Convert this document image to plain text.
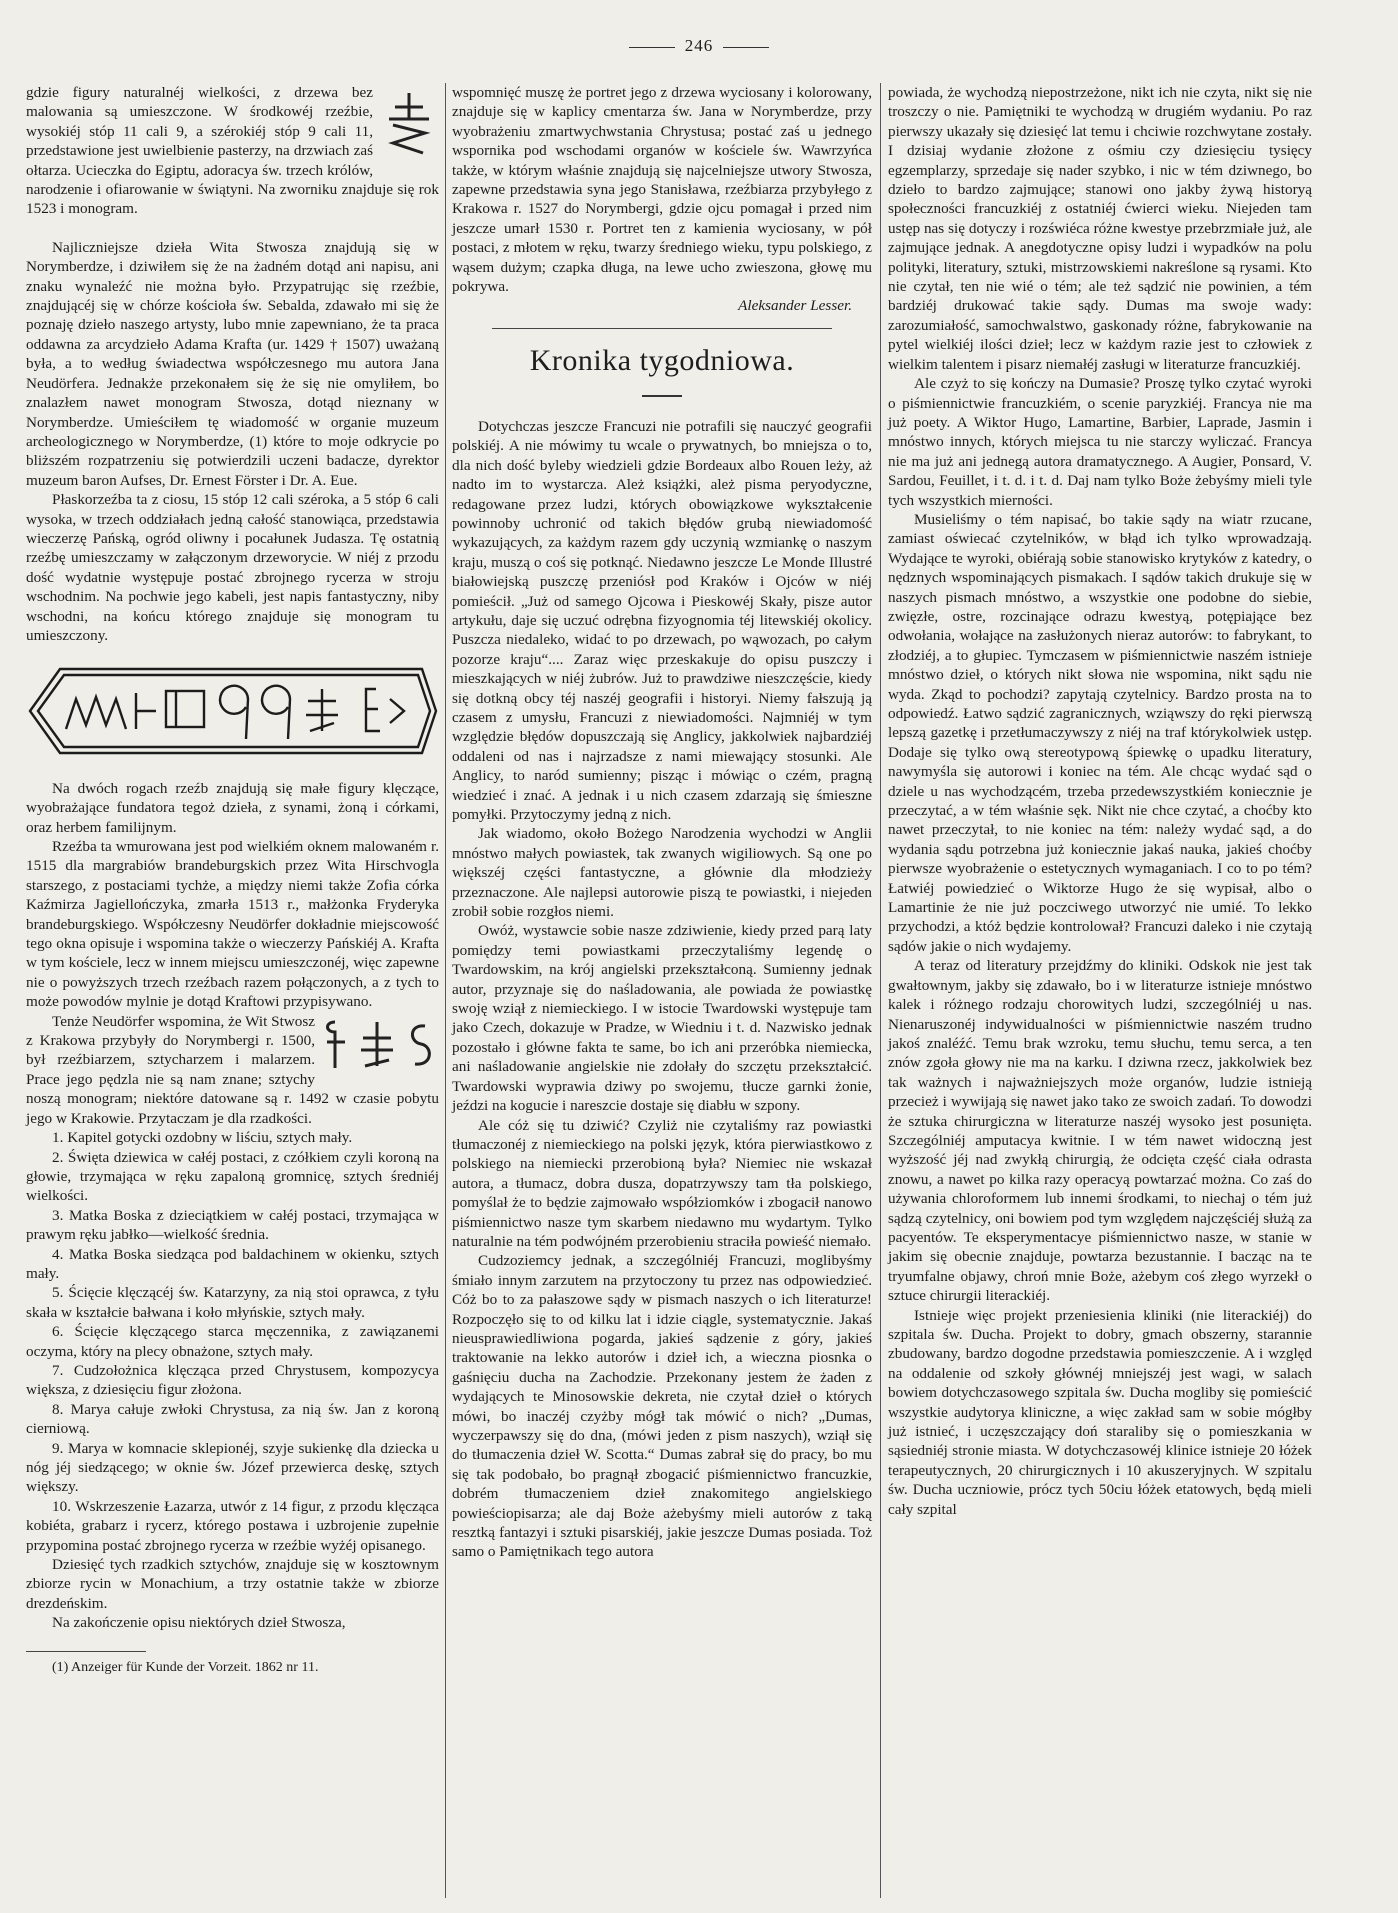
246

gdzie figury naturalnéj wielkości, z drzewa bez malowania są umieszczone. W środkowéj rzeźbie, wysokiéj stóp 11 cali 9, a szérokiéj stóp 9 cali 11, przedstawione jest uwielbienie pasterzy, na drzwiach zaś ołtarza. Ucieczka do Egiptu, adoracya św. trzech królów, narodzenie i ofiarowanie w świątyni. Na zworniku znajduje się rok 1523 i monogram.

Najliczniejsze dzieła Wita Stwosza znajdują się w Norymberdze, i dziwiłem się że na żadném dotąd ani napisu, ani znaku wynaleźć nie można było. Przypatrując się rzeźbie, znajdującéj się w chórze kościoła św. Sebalda, zdawało mi się że poznaję dzieło naszego artysty, lubo mnie zapewniano, że ta praca oddawna za arcydzieło Adama Krafta (ur. 1429 † 1507) uważaną była, a to według świadectwa współczesnego mu autora Jana Neudörfera. Jednakże przekonałem się że się nie omyliłem, bo znalazłem nawet monogram Stwosza, dotąd nieznany w Norymberdze. Umieściłem tę wiadomość w organie muzeum archeologicznego w Norymberdze, (1) które to moje odkrycie po bliższém rozpatrzeniu się potwierdzili uczeni badacze, dyrektor muzeum baron Aufses, Dr. Ernest Förster i Dr. A. Eue.

Płaskorzeźba ta z ciosu, 15 stóp 12 cali széroka, a 5 stóp 6 cali wysoka, w trzech oddziałach jedną całość stanowiąca, przedstawia wieczerzę Pańską, ogród oliwny i pocałunek Judasza. Tę ostatnią rzeźbę umieszczamy w załączonym drzeworycie. W niéj z przodu dość wydatnie występuje postać zbrojnego rycerza w stroju wschodnim. Na pochwie jego kabeli, jest napis fantastyczny, niby wschodni, na końcu którego znajduje się monogram tu umieszczony.

Na dwóch rogach rzeźb znajdują się małe figury klęczące, wyobrażające fundatora tegoż dzieła, z synami, żoną i córkami, oraz herbem familijnym.

Rzeźba ta wmurowana jest pod wielkiém oknem malowaném r. 1515 dla margrabiów brandeburgskich przez Wita Hirschvogla starszego, z postaciami tychże, a między niemi także Zofia córka Kaźmirza Jagiellończyka, zmarła 1513 r., małżonka Fryderyka brandeburgskiego. Współczesny Neudörfer dokładnie miejscowość tego okna opisuje i wspomina także o wieczerzy Pańskiéj A. Krafta w tym kościele, lecz w innem miejscu umieszczonéj, więc zapewne nie o powyższych trzech rzeźbach razem połączonych, a z tych to może powodów mylnie je dotąd Kraftowi przypisywano.

Tenże Neudörfer wspomina, że Wit Stwosz z Krakowa przybyły do Norymbergi r. 1500, był rzeźbiarzem, sztycharzem i malarzem. Prace jego pędzla nie są nam znane; sztychy noszą monogram; niektóre datowane są r. 1492 w czasie pobytu jego w Krakowie. Przytaczam je dla rzadkości.

1. Kapitel gotycki ozdobny w liściu, sztych mały.

2. Święta dziewica w całéj postaci, z czółkiem czyli koroną na głowie, trzymająca w ręku zapaloną gromnicę, sztych średniéj wielkości.

3. Matka Boska z dzieciątkiem w całéj postaci, trzymająca w prawym ręku jabłko—wielkość średnia.

4. Matka Boska siedząca pod baldachinem w okienku, sztych mały.

5. Ścięcie klęczącéj św. Katarzyny, za nią stoi oprawca, z tyłu skała w kształcie bałwana i koło młyńskie, sztych mały.

6. Ścięcie klęczącego starca męczennika, z zawiązanemi oczyma, który na plecy obnażone, sztych mały.

7. Cudzołożnica klęcząca przed Chrystusem, kompozycya większa, z dziesięciu figur złożona.

8. Marya całuje zwłoki Chrystusa, za nią św. Jan z koroną cierniową.

9. Marya w komnacie sklepionéj, szyje sukienkę dla dziecka u nóg jéj siedzącego; w oknie św. Józef przewierca deskę, sztych większy.

10. Wskrzeszenie Łazarza, utwór z 14 figur, z przodu klęcząca kobiéta, grabarz i rycerz, którego postawa i uzbrojenie zupełnie przypomina postać zbrojnego rycerza w rzeźbie wyżéj opisanego.

Dziesięć tych rzadkich sztychów, znajduje się w kosztownym zbiorze rycin w Monachium, a trzy ostatnie także w zbiorze drezdeńskim.

Na zakończenie opisu niektórych dzieł Stwosza,

(1) Anzeiger für Kunde der Vorzeit. 1862 nr 11.

wspomnięć muszę że portret jego z drzewa wyciosany i kolorowany, znajduje się w kaplicy cmentarza św. Jana w Norymberdze, przy wyobrażeniu zmartwychwstania Chrystusa; postać zaś u jednego wspornika pod wschodami organów w kościele św. Wawrzyńca także, w którym właśnie znajdują się najcelniejsze utwory Stwosza, zapewne przedstawia syna jego Stanisława, rzeźbiarza przybyłego z Krakowa r. 1527 do Norymbergi, gdzie ojcu pomagał i przed nim jeszcze umarł 1530 r. Portret ten z kamienia wyciosany, w pół postaci, z młotem w ręku, twarzy średniego wieku, typu polskiego, z wąsem dużym; czapka długa, na lewe ucho zwieszona, głowę mu pokrywa.

Aleksander Lesser.

Kronika tygodniowa.

Dotychczas jeszcze Francuzi nie potrafili się nauczyć geografii polskiéj. A nie mówimy tu wcale o prywatnych, bo mniejsza o to, dla nich dość byleby wiedzieli gdzie Bordeaux albo Rouen leży, aż nadto im to wystarcza. Ależ książki, ależ pisma peryodyczne, redagowane przez ludzi, których obowiązkowe wykształcenie powinnoby uchronić od takich błędów grubą niewiadomość wykazujących, za każdym razem gdy uczynią wzmiankę o naszym kraju, muszą o coś się potknąć. Niedawno jeszcze Le Monde Illustré białowiejską puszczę przeniósł pod Kraków i Ojców w niéj pomieścił. „Już od samego Ojcowa i Pieskowéj Skały, pisze autor artykułu, daje się uczuć odrębna fizyognomia téj litewskiéj okolicy. Puszcza niedaleko, widać to po drzewach, po wąwozach, po całym pozorze kraju“.... Zaraz więc przeskakuje do opisu puszczy i mieszkających w niéj żubrów. Już to prawdziwe nieszczęście, kiedy się dotkną obcy téj naszéj geografii i historyi. Niemy fałszują ją czasem z umysłu, Francuzi z niewiadomości. Najmniéj w tym względzie błędów dopuszczają się Anglicy, jakkolwiek najbardziéj oddaleni od nas i najrzadsze z nami miewający stosunki. Ale Anglicy, to naród sumienny; pisząc i mówiąc o czém, pragną wiedzieć i znać. A jednak i u nich czasem zdarzają się śmieszne pomyłki. Przytoczymy jedną z nich.

Jak wiadomo, około Bożego Narodzenia wychodzi w Anglii mnóstwo małych powiastek, tak zwanych wigiliowych. Są one po większéj części fantastyczne, a głównie dla młodzieży przeznaczone. Ale najlepsi autorowie piszą te powiastki, i niejeden zrobił sobie rozgłos niemi.

Owóż, wystawcie sobie nasze zdziwienie, kiedy przed parą laty pomiędzy temi powiastkami przeczytaliśmy legendę o Twardowskim, na krój angielski przekształconą. Sumienny jednak autor, przyznaje się do naśladowania, ale powiada że powiastkę swoję wziął z niemieckiego. I w istocie Twardowski występuje tam jako Czech, dokazuje w Pradze, w Wiedniu i t. d. Nazwisko jednak pozostało i główne fakta te same, bo ich ani przeróbka niemiecka, ani naśladowanie angielskie nie zdołały do szczętu przekształcić. Twardowski wyprawia dziwy po swojemu, tłucze garnki żonie, jeździ na kogucie i nareszcie dostaje się diabłu w szpony.

Ale cóż się tu dziwić? Czyliż nie czytaliśmy raz powiastki tłumaczonéj z niemieckiego na polski język, która pierwiastkowo z polskiego na niemiecki przerobioną była? Niemiec nie wskazał autora, a tłumacz, dobra dusza, dopatrzywszy tam tła polskiego, pomyślał że to będzie zajmowało współziomków i zbogacił nanowo piśmiennictwo nasze tym skarbem niedawno mu wydartym. Tylko naturalnie na tém podwójném przerobieniu straciła powieść niemało.

Cudzoziemcy jednak, a szczególniéj Francuzi, moglibyśmy śmiało innym zarzutem na przytoczony tu przez nas odpowiedzieć. Cóż bo to za pałaszowe sądy w pismach naszych o ich literaturze! Rozpoczęło się to od kilku lat i idzie ciągle, systematycznie. Jakaś nieusprawiedliwiona pogarda, jakieś sądzenie z góry, jakieś traktowanie na lekko autorów i dzieł ich, a wieczna piosnka o gaśnięciu ducha na Zachodzie. Przekonany jestem że żaden z wydających te Minosowskie dekreta, nie czytał dzieł o których mówi, bo inaczéj czyżby mógł tak mówić o nich? „Dumas, wyczerpawszy się do dna, (mówi jeden z pism naszych), wziął się do tłumaczenia dzieł W. Scotta.“ Dumas zabrał się do pracy, bo mu się tak podobało, bo pragnął zbogacić piśmiennictwo francuzkie, dobrém tłumaczeniem dzieł znakomitego angielskiego powieściopisarza; ale daj Boże ażebyśmy mieli autorów z taką resztką fantazyi i sztuki pisarskiéj, jakie jeszcze Dumas posiada. Toż samo o Pamiętnikach tego autora

powiada, że wychodzą niepostrzeżone, nikt ich nie czyta, nikt się nie troszczy o nie. Pamiętniki te wychodzą w drugiém wydaniu. Po raz pierwszy ukazały się dziesięć lat temu i chciwie rozchwytane zostały. I dzisiaj wydanie złożone z ośmiu czy dziesięciu tysięcy egzemplarzy, sprzedaje się nader szybko, i nic w tém dziwnego, bo dzieło to bardzo zajmujące; stanowi ono jakby żywą historyą społeczności francuzkiéj z ostatniéj ćwierci wieku. Niejeden tam ustęp nas się dotyczy i rozświéca różne kwestye przebrzmiałe już, ale zajmujące jednak. A anegdotyczne opisy ludzi i wypadków na polu polityki, literatury, sztuki, mistrzowskiemi nakreślone są rysami. Kto nie czytał, ten nie wié o tém; ale też sądzić nie powinien, a tém bardziéj drukować takie sądy. Dumas ma swoje wady: zarozumiałość, samochwalstwo, gaskonady różne, fabrykowanie na pytel wielkiéj ilości dzieł; lecz w każdym razie jest to człowiek z wielkim talentem i pisarz niemałéj zasługi w literaturze francuzkiéj.

Ale czyż to się kończy na Dumasie? Proszę tylko czytać wyroki o piśmiennictwie francuzkiém, o scenie paryzkiéj. Francya nie ma już poety. A Wiktor Hugo, Lamartine, Barbier, Laprade, Jasmin i mnóstwo innych, których miejsca tu nie starczy wyliczać. Francya nie ma już ani jednegą autora dramatycznego. A Augier, Ponsard, V. Sardou, Feuillet, i t. d. i t. d. Daj nam tylko Boże żebyśmy mieli tyle tych wszystkich mierności.

Musieliśmy o tém napisać, bo takie sądy na wiatr rzucane, zamiast oświecać czytelników, w błąd ich tylko wprowadzają. Wydające te wyroki, obiérają sobie stanowisko krytyków z katedry, o nędznych wspominających pismakach. I sądów takich drukuje się w naszych pismach mnóstwo, a wszystkie one podobne do siebie, zwięzłe, ostre, rozcinające odrazu kwestyą, potępiające bez odwołania, wołające na zasłużonych nieraz autorów: to fabrykant, to złodziéj, a to głupiec. Tymczasem w piśmiennictwie naszém istnieje mnóstwo dzieł, o których nikt słowa nie wspomina, nikt sądu nie wyda. Zkąd to pochodzi? zapytają czytelnicy. Bardzo prosta na to odpowiedź. Łatwo sądzić zagranicznych, wziąwszy do ręki pierwszą lepszą gazetkę i przetłumaczywszy z niéj na traf którykolwiek ustęp. Dodaje się tylko ową stereotypową śpiewkę o upadku literatury, nawymyśla się autorowi i koniec na tém. Ale chcąc wydać sąd o dziele u nas wychodzącém, trzeba przedewszystkiém koniecznie je przeczytać, a w tém właśnie sęk. Nikt nie chce czytać, a choćby kto nawet przeczytał, to nie koniec na tém: należy wydać sąd, a do wydania sądu potrzebna już koniecznie jakaś nauka, jakieś choćby pierwsze wyobrażenie o estetycznych wymaganiach. I co to po tém? Łatwiéj powiedzieć o Wiktorze Hugo że się wypisał, albo o Lamartinie że nie już poczciwego utworzyć nie umié. To lekko przychodzi, a któż będzie kontrolował? Francuzi daleko i nie czytają sądów jakie o nich wydajemy.

A teraz od literatury przejdźmy do kliniki. Odskok nie jest tak gwałtownym, jakby się zdawało, bo i w literaturze istnieje mnóstwo kalek i różnego rodzaju chorowitych ludzi, szczególniéj u nas. Nienaruszonéj indywidualności w piśmiennictwie naszém trudno jakoś znaléźć. Temu brak wzroku, temu słuchu, temu serca, a ten znów zgoła głowy nie ma na karku. I dziwna rzecz, jakkolwiek bez tak ważnych i najważniejszych może organów, ludzie istnieją przecież i wywijają się nawet jako tako ze swoich zadań. To dowodzi że sztuka chirurgiczna w literaturze naszéj wysoko jest posunięta. Szczególniéj amputacya kwitnie. I w tém nawet widoczną jest wyższość jéj nad zwykłą chirurgią, że odcięta część ciała odrasta znowu, a nawet po kilka razy operacyą powtarzać można. Co zaś do używania chloroformem lub innemi środkami, to niechaj o tém już sądzą czytelnicy, oni bowiem pod tym względem najczęściéj służą za pacyentów. Te eksperymentacye piśmiennictwo nasze, w stanie w jakim się obecnie znajduje, powtarza bezustannie. I bacząc na te tryumfalne objawy, chroń mnie Boże, ażebym coś złego wyrzekł o sztuce chirurgii literackiéj.

Istnieje więc projekt przeniesienia kliniki (nie literackiéj) do szpitala św. Ducha. Projekt to dobry, gmach obszerny, starannie zbudowany, bardzo dogodne przedstawia pomieszczenie. A i względ na oddalenie od szkoły głównéj mniejszéj jest wagi, w salach bowiem dotychczasowego szpitala św. Ducha mogliby się pomieścić wszystkie audytorya kliniczne, a więc zakład sam w sobie mógłby już istnieć, i uczęszczający doń staraliby się o pomieszkania w sąsiedniéj stronie miasta. W dotychczasowéj klinice istnieje 20 łóżek terapeutycznych, 20 chirurgicznych i 10 akuszeryjnych. W szpitalu św. Ducha uczniowie, prócz tych 50ciu łóżek etatowych, będą mieli cały szpital
